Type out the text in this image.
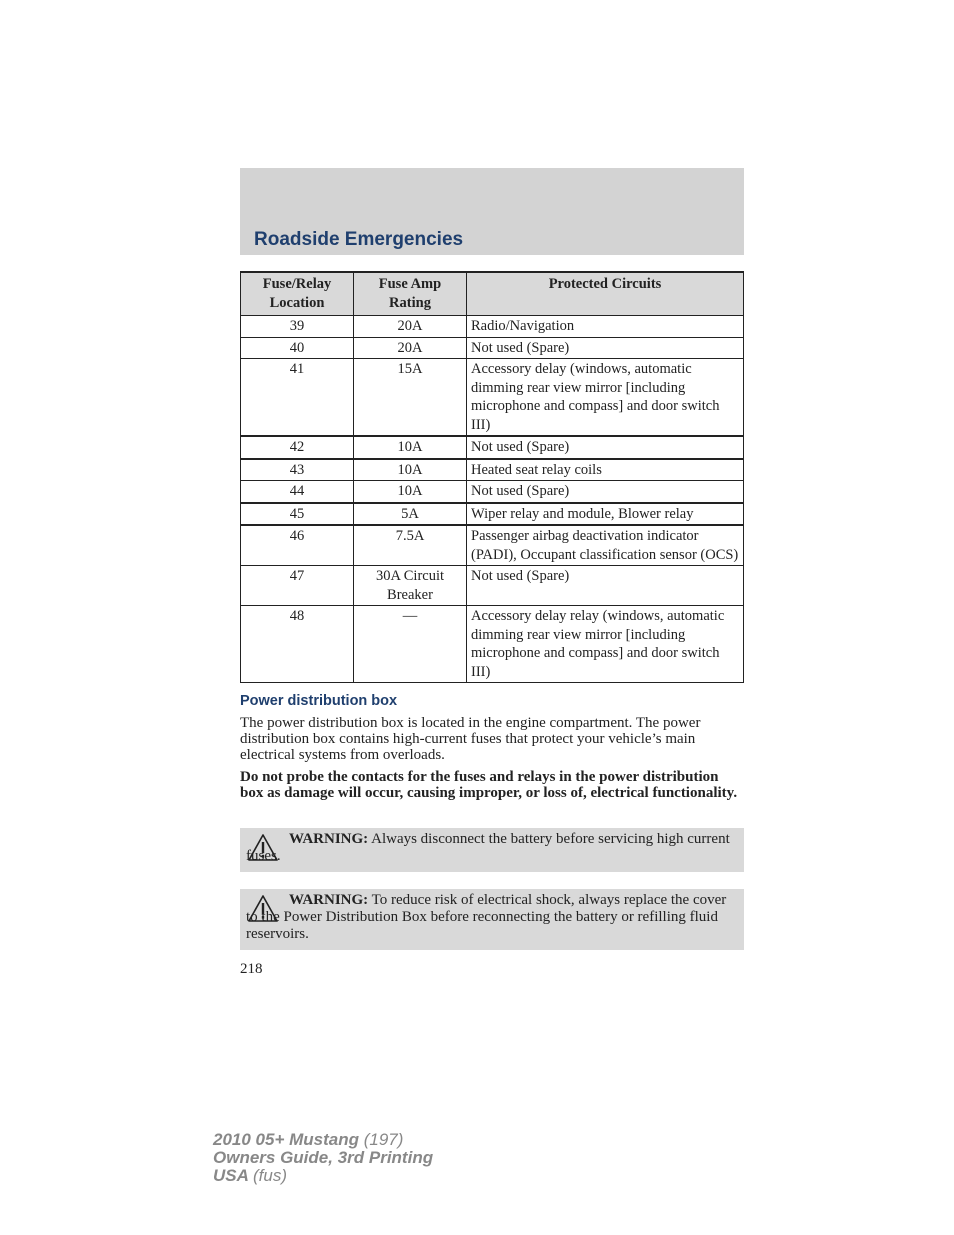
Roadside Emergencies
Fuse/Relay Location	Fuse Amp Rating	Protected Circuits
39	20A	Radio/Navigation
40	20A	Not used (Spare)
41	15A	Accessory delay (windows, automatic dimming rear view mirror [including microphone and compass] and door switch III)
42	10A	Not used (Spare)
43	10A	Heated seat relay coils
44	10A	Not used (Spare)
45	5A	Wiper relay and module, Blower relay
46	7.5A	Passenger airbag deactivation indicator (PADI), Occupant classification sensor (OCS)
47	30A Circuit Breaker	Not used (Spare)
48	—	Accessory delay relay (windows, automatic dimming rear view mirror [including microphone and compass] and door switch III)
Power distribution box
The power distribution box is located in the engine compartment. The power distribution box contains high-current fuses that protect your vehicle’s main electrical systems from overloads.
Do not probe the contacts for the fuses and relays in the power distribution box as damage will occur, causing improper, or loss of, electrical functionality.
WARNING: Always disconnect the battery before servicing high current fuses.
WARNING: To reduce risk of electrical shock, always replace the cover to the Power Distribution Box before reconnecting the battery or refilling fluid reservoirs.
218
2010 05+ Mustang (197)
Owners Guide, 3rd Printing
USA (fus)
